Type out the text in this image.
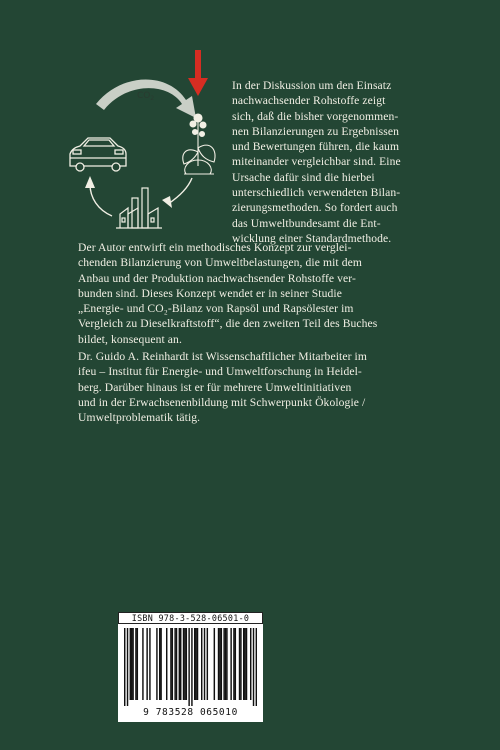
$CO_2$
In der Diskussion um den Einsatz
nachwachsender Rohstoffe zeigt
sich, daß die bisher vorgenommen-
nen Bilanzierungen zu Ergebnissen
und Bewertungen führen, die kaum
miteinander vergleichbar sind. Eine
Ursache dafür sind die hierbei
unterschiedlich verwendeten Bilan-
zierungsmethoden. So fordert auch
das Umweltbundesamt die Ent-
wicklung einer Standardmethode.
Der Autor entwirft ein methodisches Konzept zur verglei-
chenden Bilanzierung von Umweltbelastungen, die mit dem
Anbau und der Produktion nachwachsender Rohstoffe ver-
bunden sind. Dieses Konzept wendet er in seiner Studie
„Energie- und CO₂-Bilanz von Rapsöl und Rapsölester im
Vergleich zu Dieselkraftstoff“, die den zweiten Teil des Buches
bildet, konsequent an.
Dr. Guido A. Reinhardt ist Wissenschaftlicher Mitarbeiter im
ifeu – Institut für Energie- und Umweltforschung in Heidel-
berg. Darüber hinaus ist er für mehrere Umweltinitiativen
und in der Erwachsenenbildung mit Schwerpunkt Ökologie /
Umweltproblematik tätig.
ISBN 978-3-528-06501-0
9 783528 065010
